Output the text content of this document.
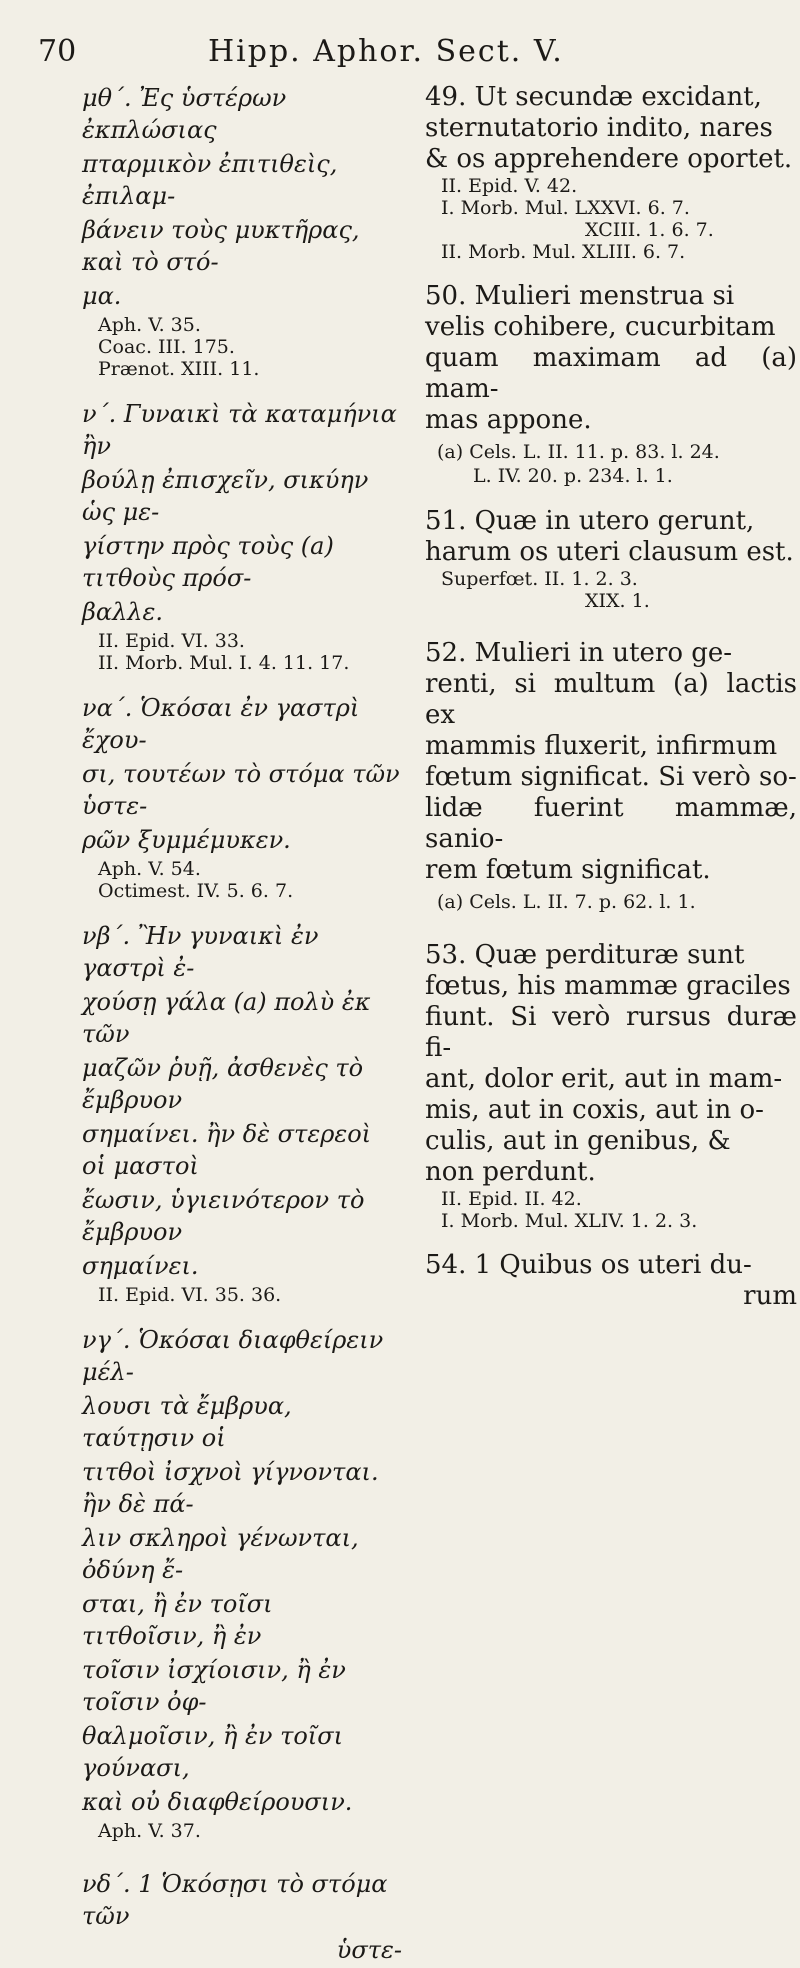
70	Hipp. Aphor. Sect. V.

μθ΄. Ἐς ὑστέρων ἐκπλώσιας

πταρμικὸν ἐπιτιθεὶς, ἐπιλαμ-

βάνειν τοὺς μυκτῆρας, καὶ τὸ στό-

μα.

Aph. V. 35.

Coac. III. 175.

Prænot. XIII. 11.

ν΄. Γυναικὶ τὰ καταμήνια ἢν

βούλῃ ἐπισχεῖν, σικύην ὡς με-

γίστην πρὸς τοὺς (a) τιτθοὺς πρόσ-

βαλλε.

II. Epid. VI. 33.

II. Morb. Mul. I. 4. 11. 17.

να΄. Ὁκόσαι ἐν γαστρὶ ἔχου-

σι, τουτέων τὸ στόμα τῶν ὑστε-

ρῶν ξυμμέμυκεν.

Aph. V. 54.

Octimest. IV. 5. 6. 7.

νβ΄. Ἢν γυναικὶ ἐν γαστρὶ ἐ-

χούσῃ γάλα (a) πολὺ ἐκ τῶν

μαζῶν ῥυῇ, ἀσθενὲς τὸ ἔμβρυον

σημαίνει. ἢν δὲ στερεοὶ οἱ μαστοὶ

ἔωσιν, ὑγιεινότερον τὸ ἔμβρυον

σημαίνει.

II. Epid. VI. 35. 36.

νγ΄. Ὁκόσαι διαφθείρειν μέλ-

λουσι τὰ ἔμβρυα, ταύτῃσιν οἱ

τιτθοὶ ἰσχνοὶ γίγνονται. ἢν δὲ πά-

λιν σκληροὶ γένωνται, ὀδύνη ἔ-

σται, ἢ ἐν τοῖσι τιτθοῖσιν, ἢ ἐν

τοῖσιν ἰσχίοισιν, ἢ ἐν τοῖσιν ὀφ-

θαλμοῖσιν, ἢ ἐν τοῖσι γούνασι,

καὶ οὐ διαφθείρουσιν.

Aph. V. 37.

νδ΄. 1 Ὁκόσῃσι τὸ στόμα τῶν

ὑστε-

49. Ut secundæ excidant,

sternutatorio indito, nares

& os apprehendere oportet.

II. Epid. V. 42.

I. Morb. Mul. LXXVI. 6. 7.

XCIII. 1. 6. 7.

II. Morb. Mul. XLIII. 6. 7.

50. Mulieri menstrua si

velis cohibere, cucurbitam

quam maximam ad (a) mam-

mas appone.

(a) Cels. L. II. 11. p. 83. l. 24.

L. IV. 20. p. 234. l. 1.

51. Quæ in utero gerunt,

harum os uteri clausum est.

Superfœt. II. 1. 2. 3.

XIX. 1.

52. Mulieri in utero ge-

renti, si multum (a) lactis ex

mammis fluxerit, infirmum

fœtum significat. Si verò so-

lidæ fuerint mammæ, sanio-

rem fœtum significat.

(a) Cels. L. II. 7. p. 62. l. 1.

53. Quæ perdituræ sunt

fœtus, his mammæ graciles

fiunt. Si verò rursus duræ fi-

ant, dolor erit, aut in mam-

mis, aut in coxis, aut in o-

culis, aut in genibus, &

non perdunt.

II. Epid. II. 42.

I. Morb. Mul. XLIV. 1. 2. 3.

54. 1 Quibus os uteri du-

rum
